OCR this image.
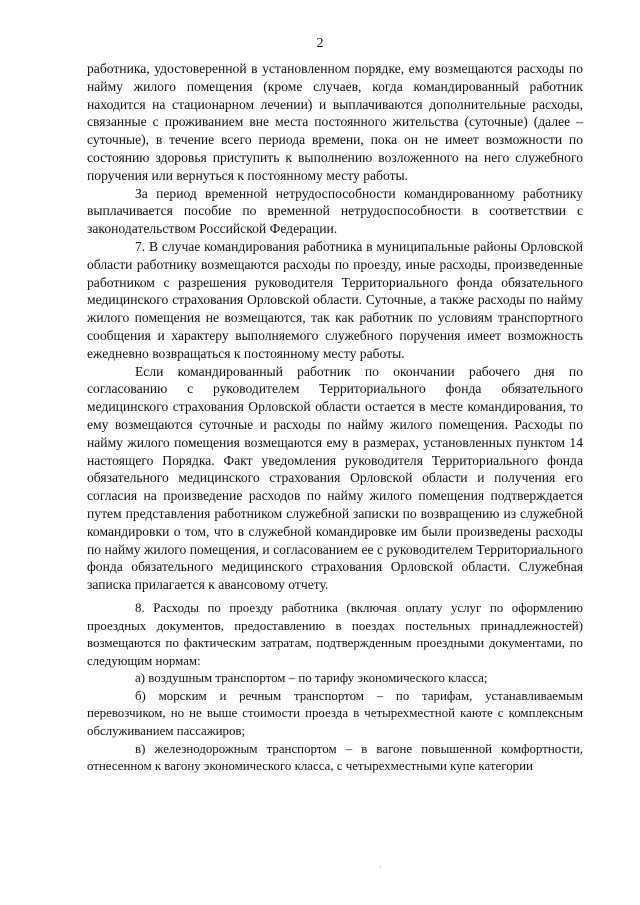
2

работника, удостоверенной в установленном порядке, ему возмещаются расходы по найму жилого помещения (кроме случаев, когда командированный работник находится на стационарном лечении) и выплачиваются дополнительные расходы, связанные с проживанием вне места постоянного жительства (суточные) (далее – суточные), в течение всего периода времени, пока он не имеет возможности по состоянию здоровья приступить к выполнению возложенного на него служебного поручения или вернуться к постоянному месту работы.

За период временной нетрудоспособности командированному работнику выплачивается пособие по временной нетрудоспособности в соответствии с законодательством Российской Федерации.

7. В случае командирования работника в муниципальные районы Орловской области работнику возмещаются расходы по проезду, иные расходы, произведенные работником с разрешения руководителя Территориального фонда обязательного медицинского страхования Орловской области. Суточные, а также расходы по найму жилого помещения не возмещаются, так как работник по условиям транспортного сообщения и характеру выполняемого служебного поручения имеет возможность ежедневно возвращаться к постоянному месту работы.

Если командированный работник по окончании рабочего дня по согласованию с руководителем Территориального фонда обязательного медицинского страхования Орловской области остается в месте командирования, то ему возмещаются суточные и расходы по найму жилого помещения. Расходы по найму жилого помещения возмещаются ему в размерах, установленных пунктом 14 настоящего Порядка. Факт уведомления руководителя Территориального фонда обязательного медицинского страхования Орловской области и получения его согласия на произведение расходов по найму жилого помещения подтверждается путем представления работником служебной записки по возвращению из служебной командировки о том, что в служебной командировке им были произведены расходы по найму жилого помещения, и согласованием ее с руководителем Территориального фонда обязательного медицинского страхования Орловской области. Служебная записка прилагается к авансовому отчету.

8. Расходы по проезду работника (включая оплату услуг по оформлению проездных документов, предоставлению в поездах постельных принадлежностей) возмещаются по фактическим затратам, подтвержденным проездными документами, по следующим нормам:

а) воздушным транспортом – по тарифу экономического класса;

б) морским и речным транспортом – по тарифам, устанавливаемым перевозчиком, но не выше стоимости проезда в четырехместной каюте с комплексным обслуживанием пассажиров;

в) железнодорожным транспортом – в вагоне повышенной комфортности, отнесенном к вагону экономического класса, с четырехместными купе категории

·
